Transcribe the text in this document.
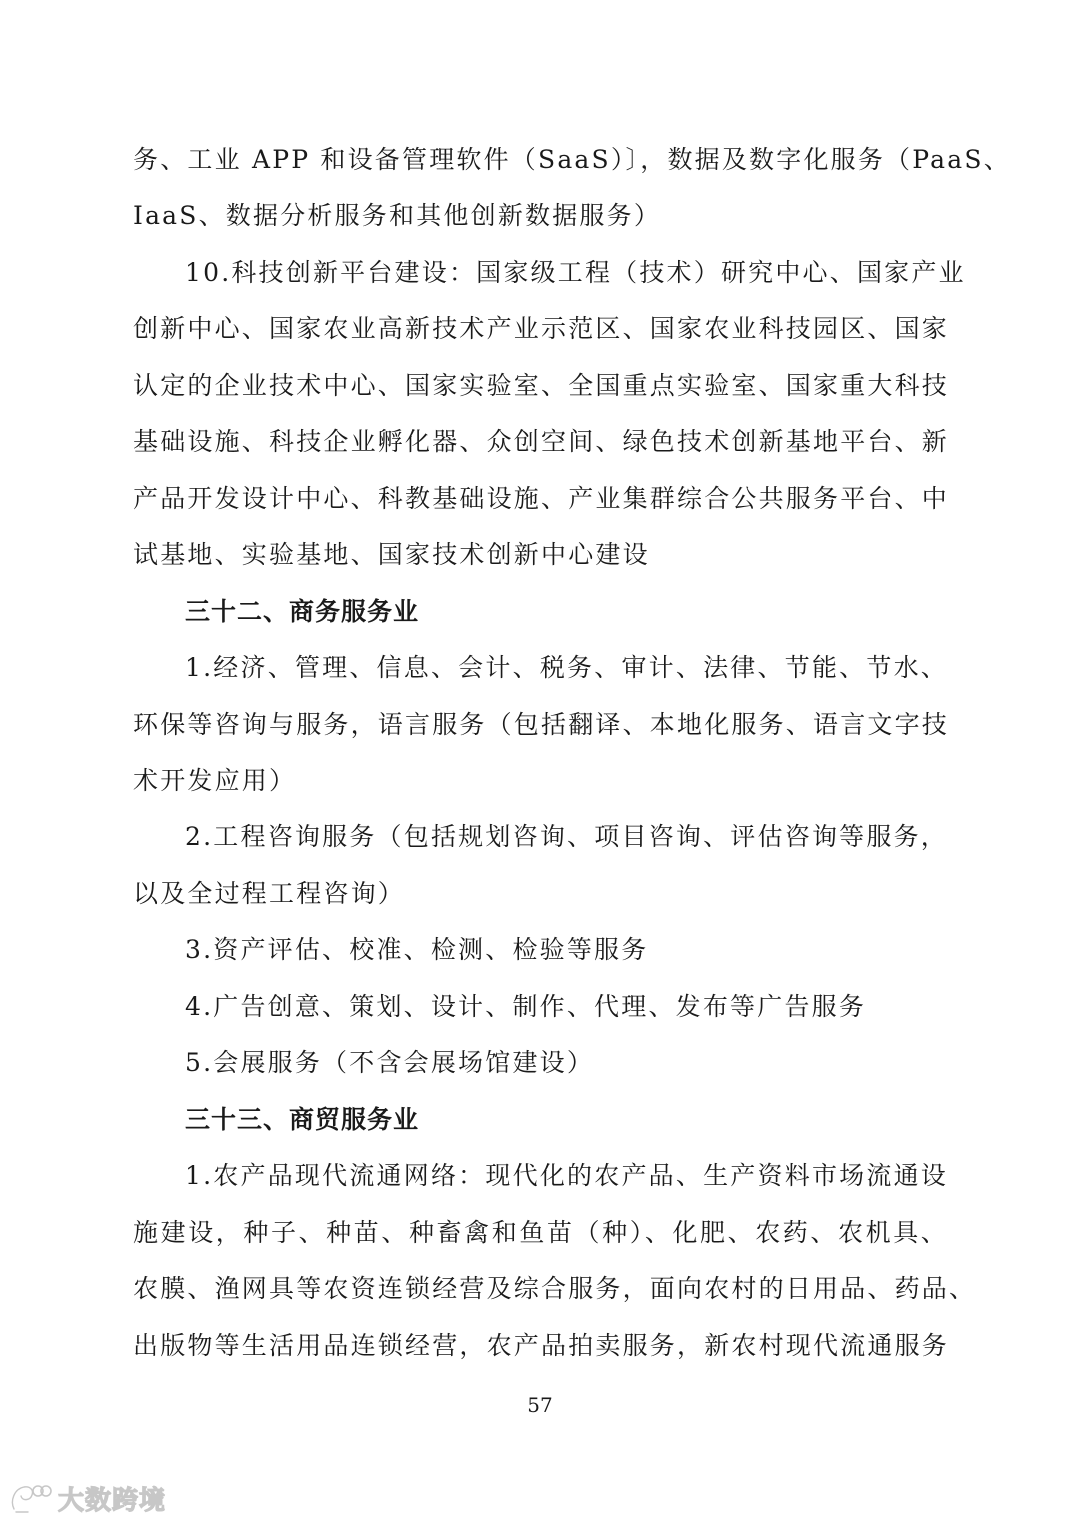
务、工业 APP 和设备管理软件（SaaS）〕，数据及数字化服务（PaaS、
IaaS、数据分析服务和其他创新数据服务）
10.科技创新平台建设：国家级工程（技术）研究中心、国家产业
创新中心、国家农业高新技术产业示范区、国家农业科技园区、国家
认定的企业技术中心、国家实验室、全国重点实验室、国家重大科技
基础设施、科技企业孵化器、众创空间、绿色技术创新基地平台、新
产品开发设计中心、科教基础设施、产业集群综合公共服务平台、中
试基地、实验基地、国家技术创新中心建设
三十二、商务服务业
1.经济、管理、信息、会计、税务、审计、法律、节能、节水、
环保等咨询与服务，语言服务（包括翻译、本地化服务、语言文字技
术开发应用）
2.工程咨询服务（包括规划咨询、项目咨询、评估咨询等服务，
以及全过程工程咨询）
3.资产评估、校准、检测、检验等服务
4.广告创意、策划、设计、制作、代理、发布等广告服务
5.会展服务（不含会展场馆建设）
三十三、商贸服务业
1.农产品现代流通网络：现代化的农产品、生产资料市场流通设
施建设，种子、种苗、种畜禽和鱼苗（种）、化肥、农药、农机具、
农膜、渔网具等农资连锁经营及综合服务，面向农村的日用品、药品、
出版物等生活用品连锁经营，农产品拍卖服务，新农村现代流通服务
57
大数跨境
